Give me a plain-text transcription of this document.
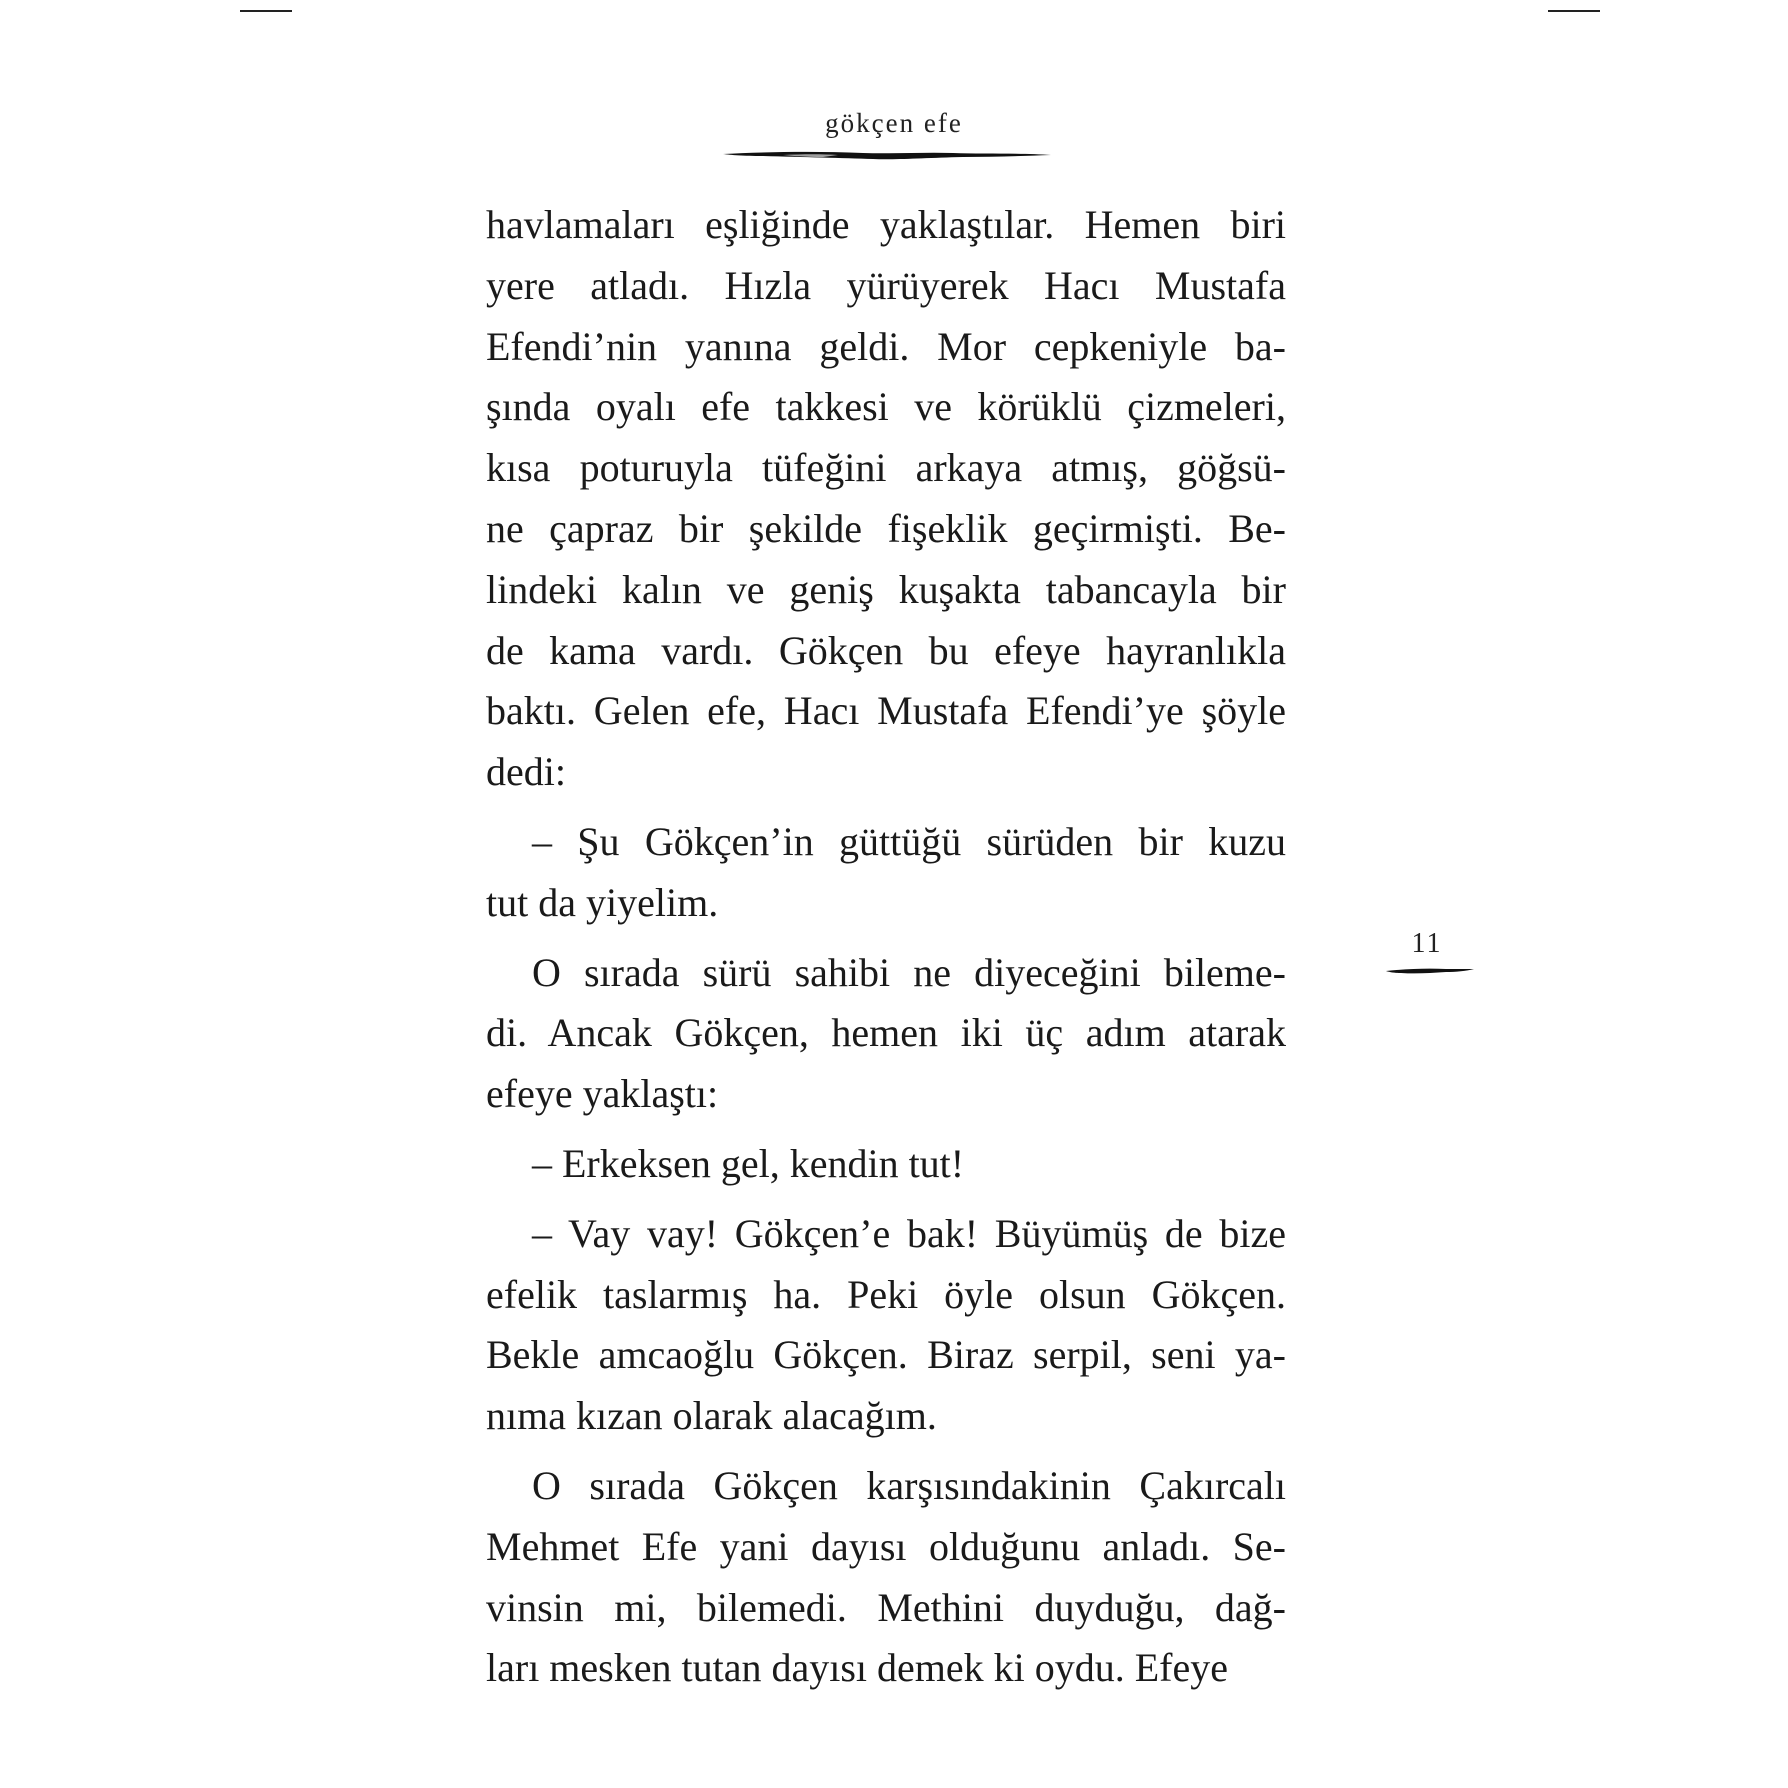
gökçen efe

havlamaları eşliğinde yaklaştılar. Hemen biri
yere atladı. Hızla yürüyerek Hacı Mustafa
Efendi’nin yanına geldi. Mor cepkeniyle ba-
şında oyalı efe takkesi ve körüklü çizmeleri,
kısa poturuyla tüfeğini arkaya atmış, göğsü-
ne çapraz bir şekilde fişeklik geçirmişti. Be-
lindeki kalın ve geniş kuşakta tabancayla bir
de kama vardı. Gökçen bu efeye hayranlıkla
baktı. Gelen efe, Hacı Mustafa Efendi’ye şöyle
dedi:

– Şu Gökçen’in güttüğü sürüden bir kuzu
tut da yiyelim.

O sırada sürü sahibi ne diyeceğini bileme-
di. Ancak Gökçen, hemen iki üç adım atarak
efeye yaklaştı:

– Erkeksen gel, kendin tut!

– Vay vay! Gökçen’e bak! Büyümüş de bize
efelik taslarmış ha. Peki öyle olsun Gökçen.
Bekle amcaoğlu Gökçen. Biraz serpil, seni ya-
nıma kızan olarak alacağım.

O sırada Gökçen karşısındakinin Çakırcalı
Mehmet Efe yani dayısı olduğunu anladı. Se-
vinsin mi, bilemedi. Methini duyduğu, dağ-
ları mesken tutan dayısı demek ki oydu. Efeye

11
